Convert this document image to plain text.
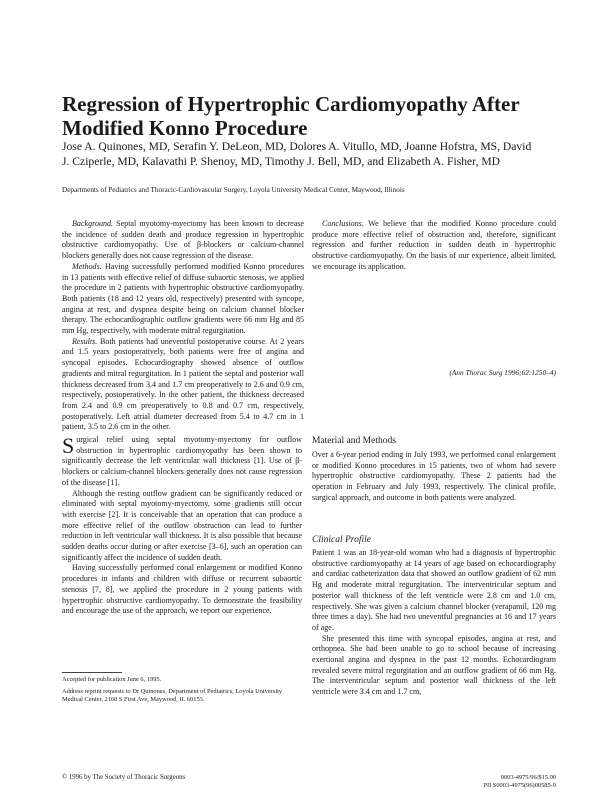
Regression of Hypertrophic Cardiomyopathy After Modified Konno Procedure
Jose A. Quinones, MD, Serafin Y. DeLeon, MD, Dolores A. Vitullo, MD, Joanne Hofstra, MS, David J. Cziperle, MD, Kalavathi P. Shenoy, MD, Timothy J. Bell, MD, and Elizabeth A. Fisher, MD
Departments of Pediatrics and Thoracic-Cardiovascular Surgery, Loyola University Medical Center, Maywood, Illinois

Background. Septal myotomy-myectomy has been known to decrease the incidence of sudden death and produce regression in hypertrophic obstructive cardiomyopathy. Use of β-blockers or calcium-channel blockers generally does not cause regression of the disease.

Methods. Having successfully performed modified Konno procedures in 13 patients with effective relief of diffuse subaortic stenosis, we applied the procedure in 2 patients with hypertrophic obstructive cardiomyopathy. Both patients (18 and 12 years old, respectively) presented with syncope, angina at rest, and dyspnea despite being on calcium channel blocker therapy. The echocardiographic outflow gradients were 66 mm Hg and 85 mm Hg, respectively, with moderate mitral regurgitation.

Results. Both patients had uneventful postoperative course. At 2 years and 1.5 years postoperatively, both patients were free of angina and syncopal episodes. Echocardiography showed absence of outflow gradients and mitral regurgitation. In 1 patient the septal and posterior wall thickness decreased from 3.4 and 1.7 cm preoperatively to 2.6 and 0.9 cm, respectively, postoperatively. In the other patient, the thickness decreased from 2.4 and 0.9 cm preoperatively to 0.8 and 0.7 cm, respectively, postoperatively. Left atrial diameter decreased from 5.4 to 4.7 cm in 1 patient, 3.5 to 2.6 cm in the other.

Conclusions. We believe that the modified Konno procedure could produce more effective relief of obstruction and, therefore, significant regression and further reduction in sudden death in hypertrophic obstructive cardiomyopathy. On the basis of our experience, albeit limited, we encourage its application.

(Ann Thorac Surg 1996;62:1250–4)

Surgical relief using septal myotomy-myectomy for outflow obstruction in hypertrophic cardiomyopathy has been shown to significantly decrease the left ventricular wall thickness [1]. Use of β-blockers or calcium-channel blockers generally does not cause regression of the disease [1].

Although the resting outflow gradient can be significantly reduced or eliminated with septal myotomy-myectomy, some gradients still occur with exercise [2]. It is conceivable that an operation that can produce a more effective relief of the outflow obstruction can lead to further reduction in left ventricular wall thickness. It is also possible that because sudden deaths occur during or after exercise [3–6], such an operation can significantly affect the incidence of sudden death.

Having successfully performed conal enlargement or modified Konno procedures in infants and children with diffuse or recurrent subaortic stenosis [7, 8], we applied the procedure in 2 young patients with hypertrophic obstructive cardiomyopathy. To demonstrate the feasibility and encourage the use of the approach, we report our experience.

Accepted for publication June 6, 1995.
Address reprint requests to Dr Quinones, Department of Pediatrics, Loyola University Medical Center, 2160 S First Ave, Maywood, IL 60153.
Material and Methods
Over a 6-year period ending in July 1993, we performed conal enlargement or modified Konno procedures in 15 patients, two of whom had severe hypertrophic obstructive cardiomyopathy. These 2 patients had the operation in February and July 1993, respectively. The clinical profile, surgical approach, and outcome in both patients were analyzed.
Clinical Profile

Patient 1 was an 18-year-old woman who had a diagnosis of hypertrophic obstructive cardiomyopathy at 14 years of age based on echocardiography and cardiac catheterization data that showed an outflow gradient of 62 mm Hg and moderate mitral regurgitation. The interventricular septum and posterior wall thickness of the left ventricle were 2.8 cm and 1.0 cm, respectively. She was given a calcium channel blocker (verapamil, 120 mg three times a day). She had two uneventful pregnancies at 16 and 17 years of age.

She presented this time with syncopal episodes, angina at rest, and orthopnea. She had been unable to go to school because of increasing exertional angina and dyspnea in the past 12 months. Echocardiogram revealed severe mitral regurgitation and an outflow gradient of 66 mm Hg. The interventricular septum and posterior wall thickness of the left ventricle were 3.4 cm and 1.7 cm,

© 1996 by The Society of Thoracic Surgeons	0003-4975/96/$15.00
PII S0003-4975(96)00585-9
